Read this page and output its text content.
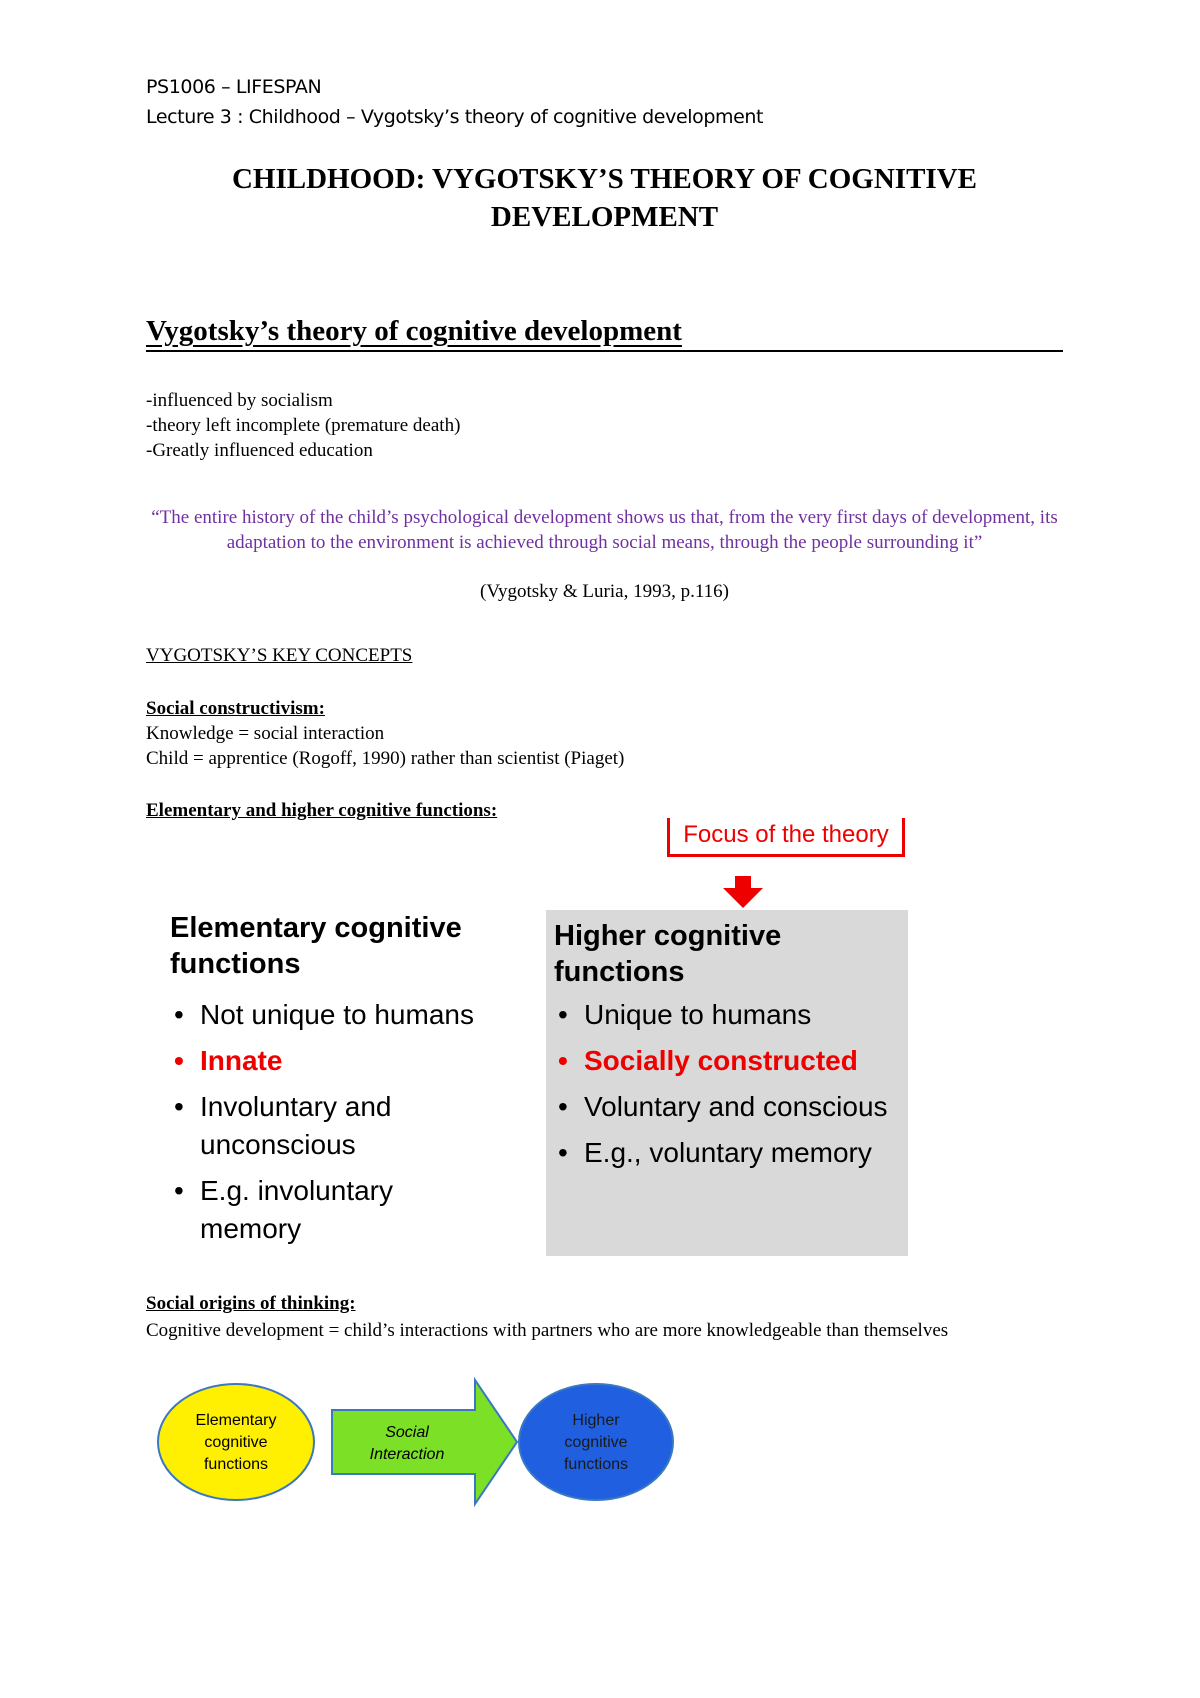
PS1006 – LIFESPAN
Lecture 3 : Childhood – Vygotsky’s theory of cognitive development
CHILDHOOD: VYGOTSKY’S THEORY OF COGNITIVE
DEVELOPMENT
Vygotsky’s theory of cognitive development
-influenced by socialism
-theory left incomplete (premature death)
-Greatly influenced education
“The entire history of the child’s psychological development shows us that, from the very first days of development, its adaptation to the environment is achieved through social means, through the people surrounding it”
(Vygotsky & Luria, 1993, p.116)
VYGOTSKY’S KEY CONCEPTS
Social constructivism:
Knowledge = social interaction
Child = apprentice (Rogoff, 1990) rather than scientist (Piaget)
Elementary and higher cognitive functions:
Focus of the theory
Elementary cognitive functions
• Not unique to humans
• Innate
• Involuntary and unconscious
• E.g. involuntary memory
Higher cognitive functions
• Unique to humans
• Socially constructed
• Voluntary and conscious
• E.g., voluntary memory
Social origins of thinking:
Cognitive development = child’s interactions with partners who are more knowledgeable than themselves
Elementary
cognitive
functions
Social
Interaction
Higher
cognitive
functions
